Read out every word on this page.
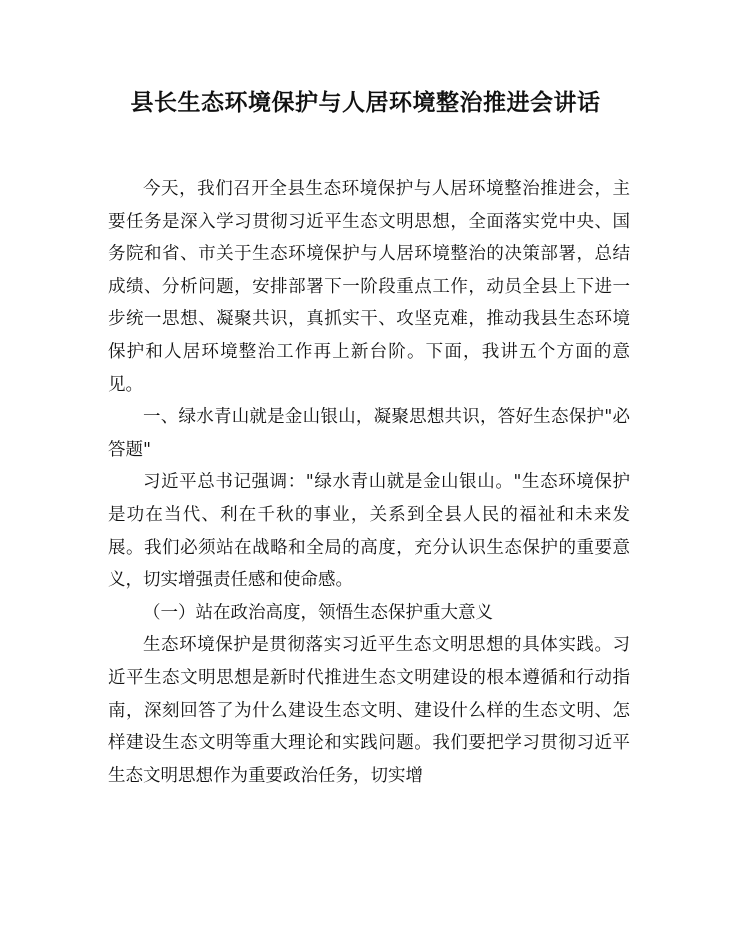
县长生态环境保护与人居环境整治推进会讲话

今天，我们召开全县生态环境保护与人居环境整治推进会，主要任务是深入学习贯彻习近平生态文明思想，全面落实党中央、国务院和省、市关于生态环境保护与人居环境整治的决策部署，总结成绩、分析问题，安排部署下一阶段重点工作，动员全县上下进一步统一思想、凝聚共识，真抓实干、攻坚克难，推动我县生态环境保护和人居环境整治工作再上新台阶。下面，我讲五个方面的意见。

一、绿水青山就是金山银山，凝聚思想共识，答好生态保护"必答题"

习近平总书记强调："绿水青山就是金山银山。"生态环境保护是功在当代、利在千秋的事业，关系到全县人民的福祉和未来发展。我们必须站在战略和全局的高度，充分认识生态保护的重要意义，切实增强责任感和使命感。

（一）站在政治高度，领悟生态保护重大意义

生态环境保护是贯彻落实习近平生态文明思想的具体实践。习近平生态文明思想是新时代推进生态文明建设的根本遵循和行动指南，深刻回答了为什么建设生态文明、建设什么样的生态文明、怎样建设生态文明等重大理论和实践问题。我们要把学习贯彻习近平生态文明思想作为重要政治任务，切实增
